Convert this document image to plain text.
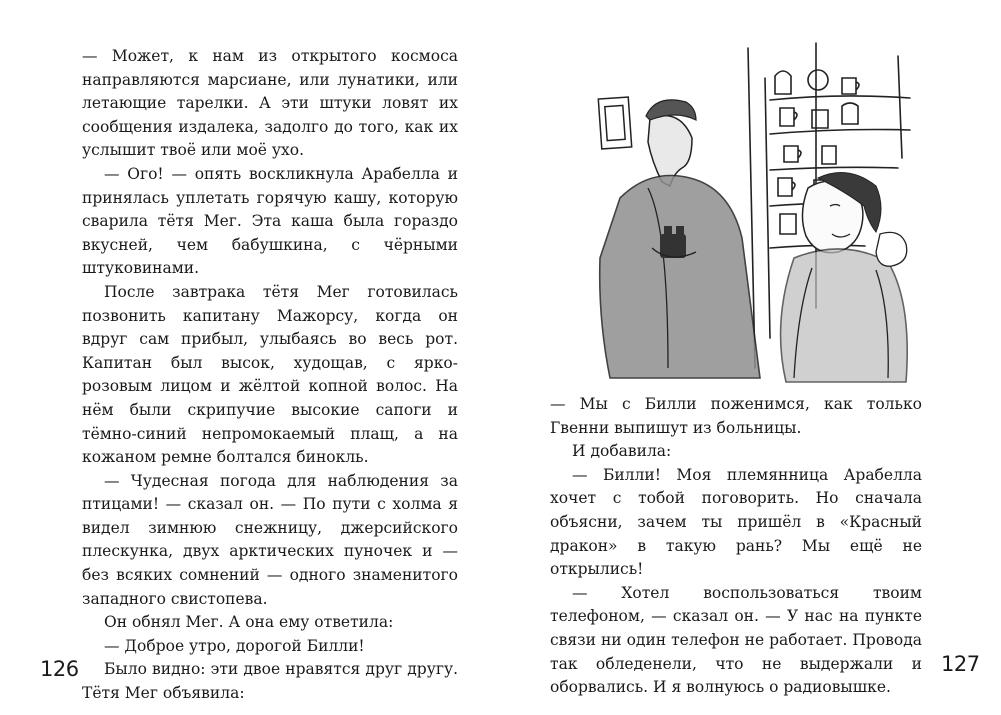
— Может, к нам из открытого космоса направляются марсиане, или лунатики, или летающие тарелки. А эти штуки ловят их сообщения издалека, задолго до того, как их услышит твоё или моё ухо.

— Ого! — опять воскликнула Арабелла и принялась уплетать горячую кашу, которую сварила тётя Мег. Эта каша была гораздо вкусней, чем бабушкина, с чёрными штуковинами.

После завтрака тётя Мег готовилась позвонить капитану Мажорсу, когда он вдруг сам прибыл, улыбаясь во весь рот. Капитан был высок, худощав, с ярко-розовым лицом и жёлтой копной волос. На нём были скрипучие высокие сапоги и тёмно-синий непромокаемый плащ, а на кожаном ремне болтался бинокль.

— Чудесная погода для наблюдения за птицами! — сказал он. — По пути с холма я видел зимнюю снежницу, джерсийского плескунка, двух арктических пуночек и — без всяких сомнений — одного знаменитого западного свистопева.

Он обнял Мег. А она ему ответила:

— Доброе утро, дорогой Билли!

Было видно: эти двое нравятся друг другу. Тётя Мег объявила:

126

— Мы с Билли поженимся, как только Гвенни выпишут из больницы.

И добавила:

— Билли! Моя племянница Арабелла хочет с тобой поговорить. Но сначала объясни, зачем ты пришёл в «Красный дракон» в такую рань? Мы ещё не открылись!

— Хотел воспользоваться твоим телефоном, — сказал он. — У нас на пункте связи ни один телефон не работает. Провода так обледенели, что не выдержали и оборвались. И я волнуюсь о радиовышке.

127
